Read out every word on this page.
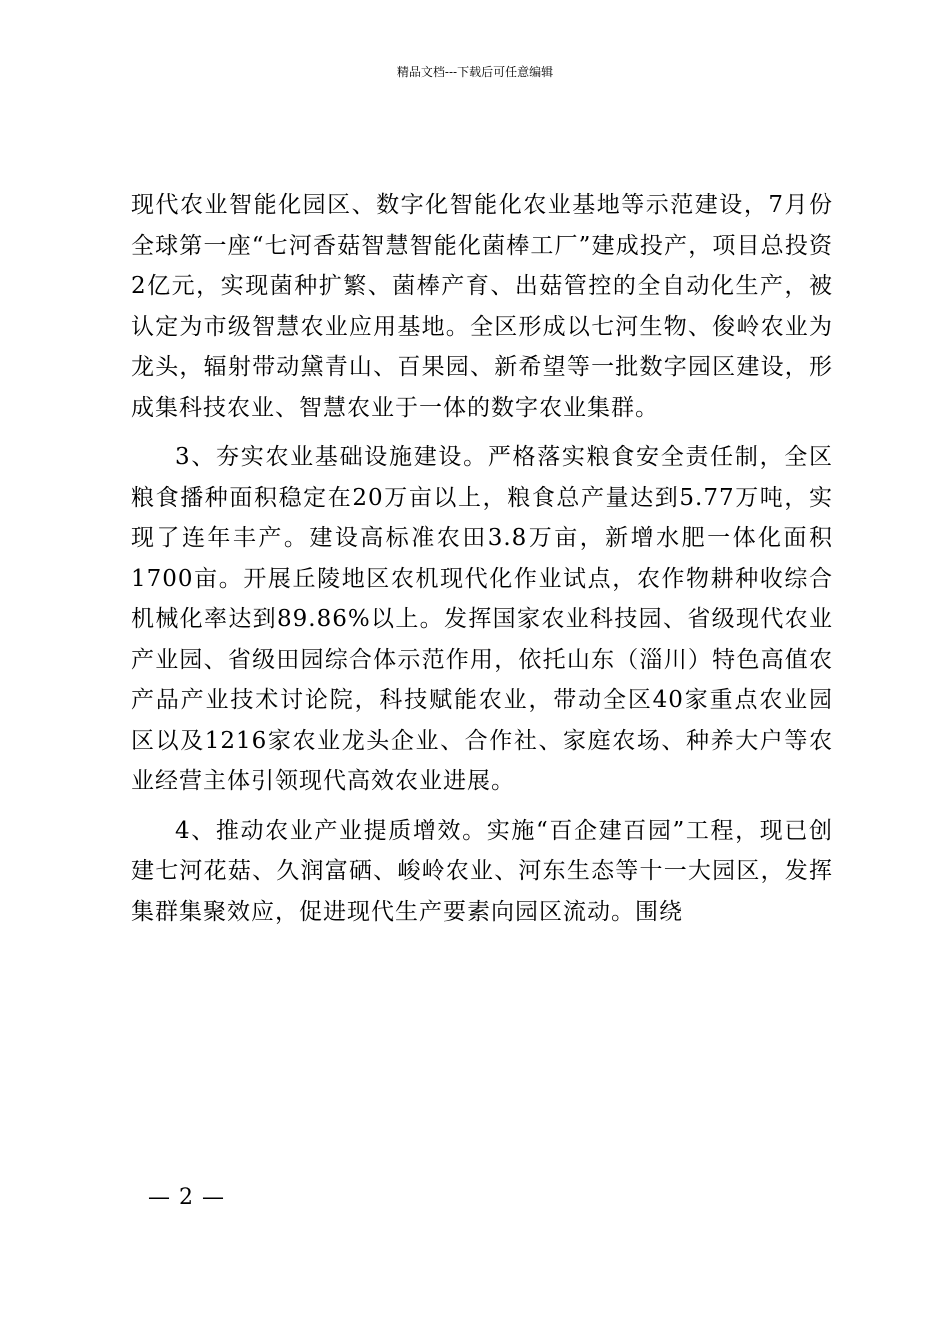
精品文档---下载后可任意编辑

现代农业智能化园区、数字化智能化农业基地等示范建设，7月份全球第一座“七河香菇智慧智能化菌棒工厂”建成投产，项目总投资2亿元，实现菌种扩繁、菌棒产育、出菇管控的全自动化生产，被认定为市级智慧农业应用基地。全区形成以七河生物、俊岭农业为龙头，辐射带动黛青山、百果园、新希望等一批数字园区建设，形成集科技农业、智慧农业于一体的数字农业集群。

3、夯实农业基础设施建设。严格落实粮食安全责任制，全区粮食播种面积稳定在20万亩以上，粮食总产量达到5.77万吨，实现了连年丰产。建设高标准农田3.8万亩，新增水肥一体化面积1700亩。开展丘陵地区农机现代化作业试点，农作物耕种收综合机械化率达到89.86%以上。发挥国家农业科技园、省级现代农业产业园、省级田园综合体示范作用，依托山东（淄川）特色高值农产品产业技术讨论院，科技赋能农业，带动全区40家重点农业园区以及1216家农业龙头企业、合作社、家庭农场、种养大户等农业经营主体引领现代高效农业进展。

4、推动农业产业提质增效。实施“百企建百园”工程，现已创建七河花菇、久润富硒、峻岭农业、河东生态等十一大园区，发挥集群集聚效应，促进现代生产要素向园区流动。围绕

— 2 —
